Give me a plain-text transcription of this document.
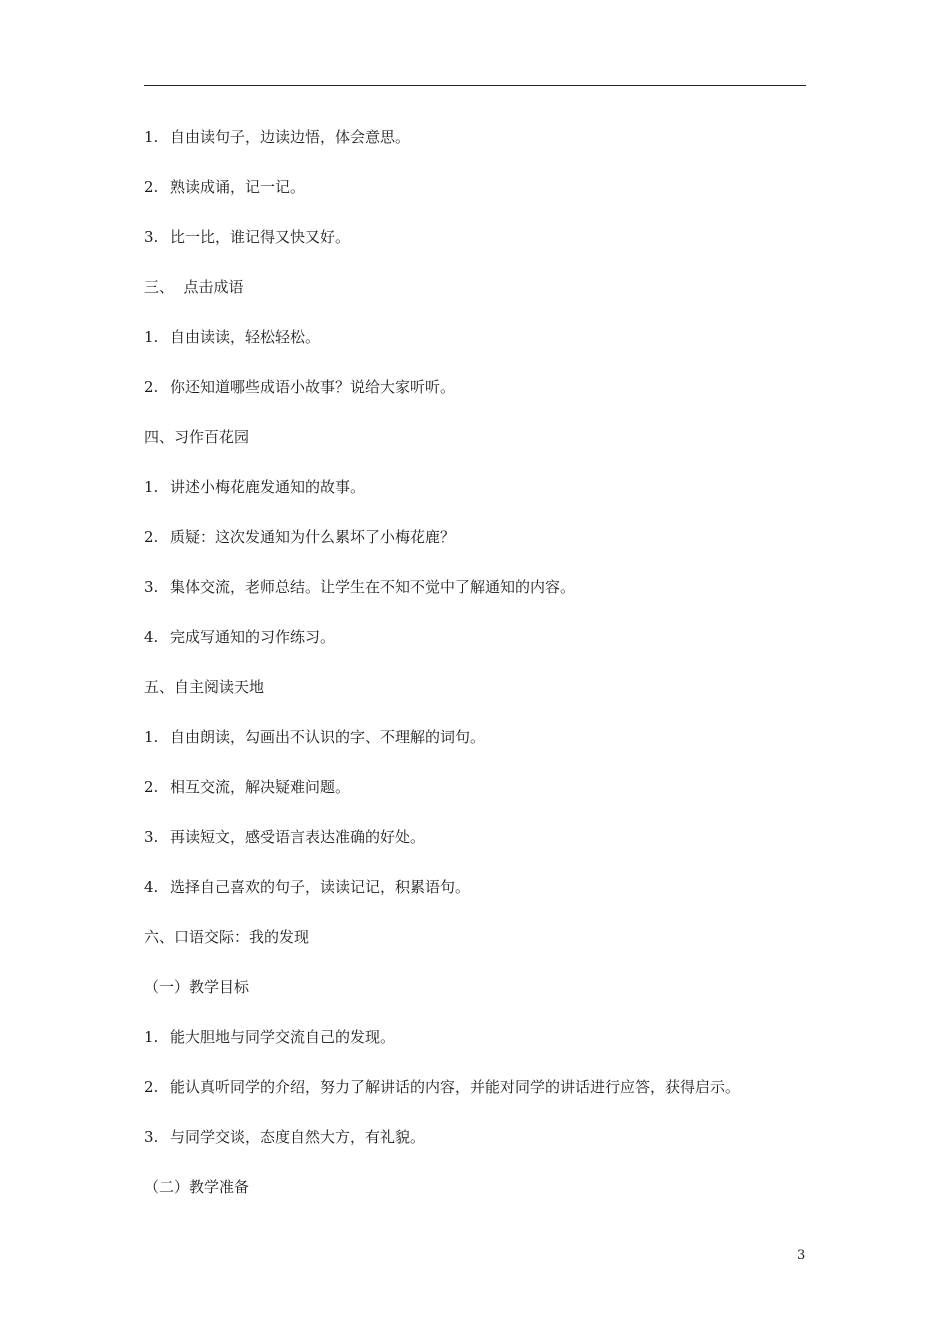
1. 自由读句子，边读边悟，体会意思。
2. 熟读成诵，记一记。
3. 比一比，谁记得又快又好。
三、  点击成语
1. 自由读读，轻松轻松。
2. 你还知道哪些成语小故事？说给大家听听。
四、习作百花园
1. 讲述小梅花鹿发通知的故事。
2. 质疑：这次发通知为什么累坏了小梅花鹿？
3. 集体交流，老师总结。让学生在不知不觉中了解通知的内容。
4. 完成写通知的习作练习。
五、自主阅读天地
1. 自由朗读，勾画出不认识的字、不理解的词句。
2. 相互交流，解决疑难问题。
3. 再读短文，感受语言表达准确的好处。
4. 选择自己喜欢的句子，读读记记，积累语句。
六、口语交际：我的发现
（一）教学目标
1. 能大胆地与同学交流自己的发现。
2. 能认真听同学的介绍，努力了解讲话的内容，并能对同学的讲话进行应答，获得启示。
3. 与同学交谈，态度自然大方，有礼貌。
（二）教学准备
3
